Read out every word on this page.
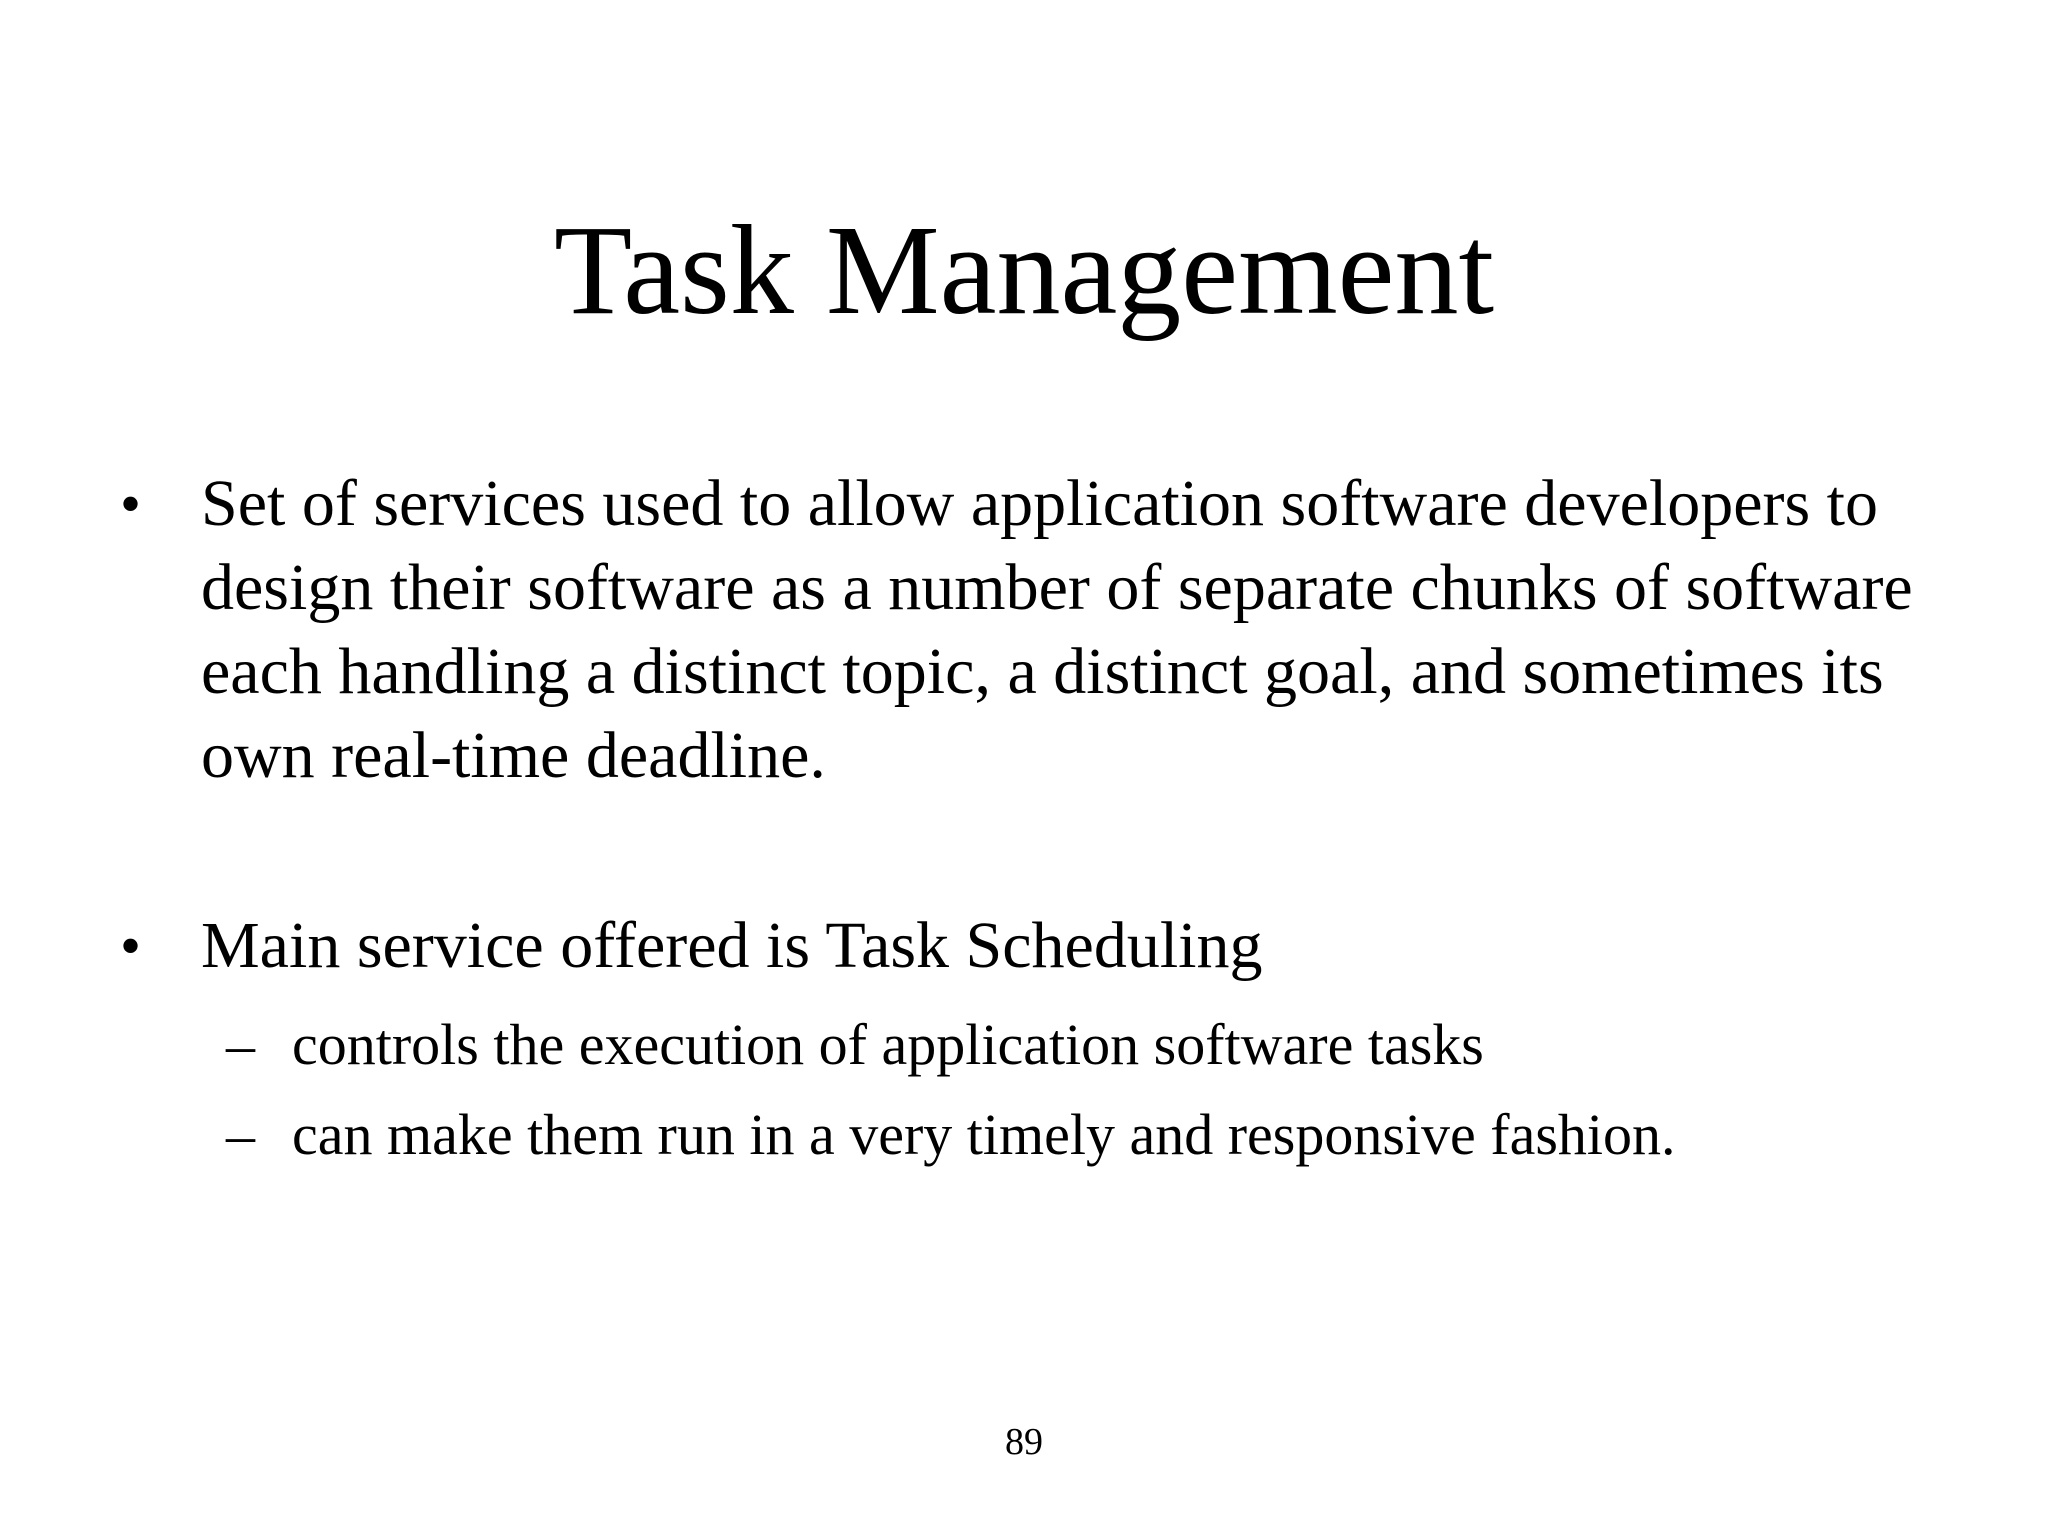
Task Management
• Set of services used to allow application software developers to design their software as a number of separate chunks of software each handling a distinct topic, a distinct goal, and sometimes its own real-time deadline.
• Main service offered is Task Scheduling
– controls the execution of application software tasks
– can make them run in a very timely and responsive fashion.
89
